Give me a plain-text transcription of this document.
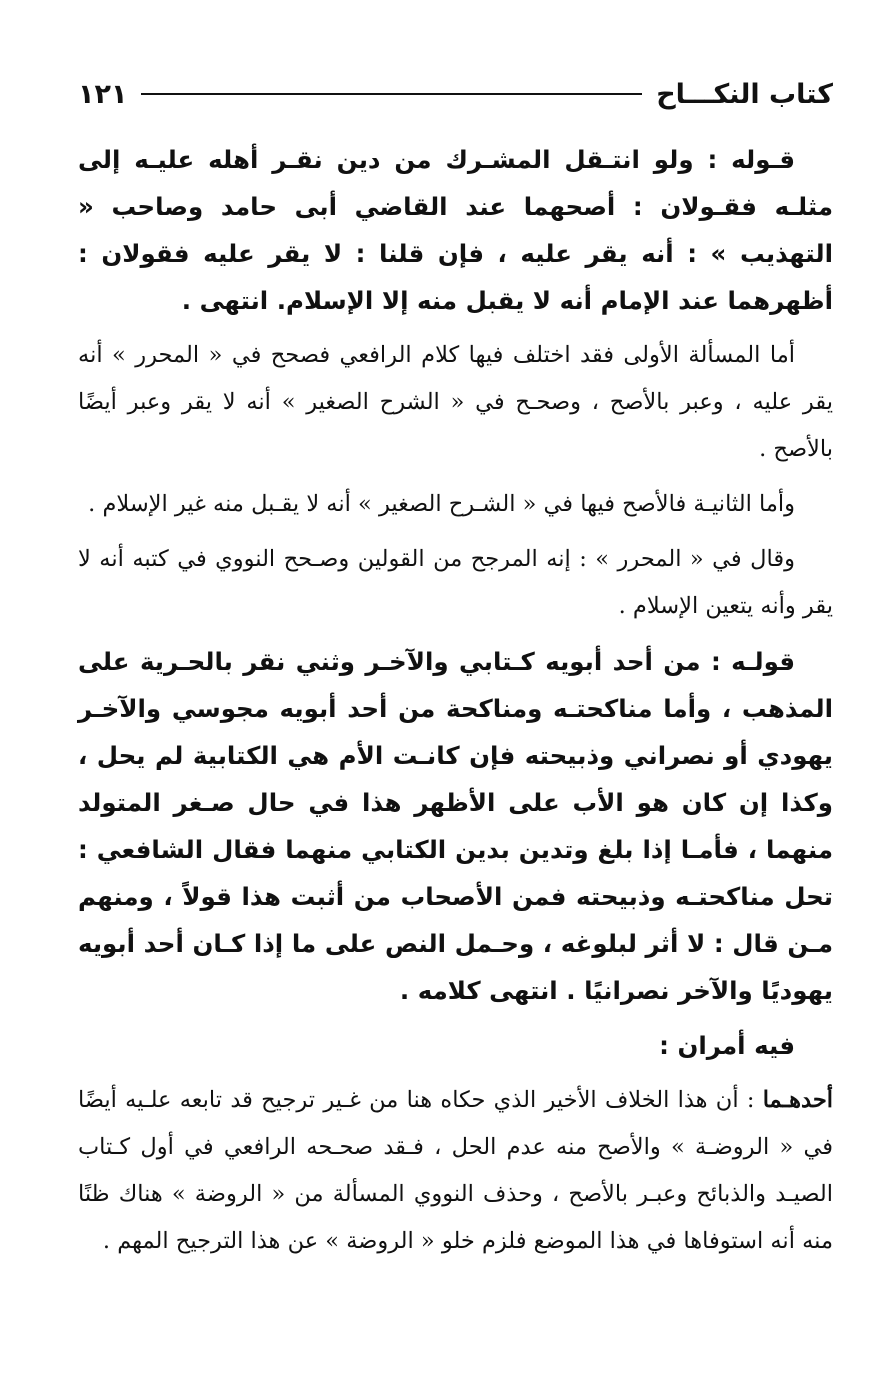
كتاب النكـــاح
١٢١

قـوله : ولو انتـقل المشـرك من دين نقـر أهله عليـه إلى مثلـه فقـولان : أصحهما عند القاضي أبى حامد وصاحب « التهذيب » : أنه يقر عليه ، فإن قلنا : لا يقر عليه فقولان : أظهرهما عند الإمام أنه لا يقبل منه إلا الإسلام. انتهى .

أما المسألة الأولى فقد اختلف فيها كلام الرافعي فصحح في « المحرر » أنه يقر عليه ، وعبر بالأصح ، وصحـح في « الشرح الصغير » أنه لا يقر وعبر أيضًا بالأصح .

وأما الثانيـة فالأصح فيها في « الشـرح الصغير » أنه لا يقـبل منه غير الإسلام .

وقال في « المحرر » : إنه المرجح من القولين وصـحح النووي في كتبه أنه لا يقر وأنه يتعين الإسلام .

قولـه : من أحد أبويه كـتابي والآخـر وثني نقر بالحـرية على المذهب ، وأما مناكحتـه ومناكحة من أحد أبويه مجوسي والآخـر يهودي أو نصراني وذبيحته فإن كانـت الأم هي الكتابية لم يحل ، وكذا إن كان هو الأب على الأظهر هذا في حال صـغر المتولد منهما ، فأمـا إذا بلغ وتدين بدين الكتابي منهما فقال الشافعي : تحل مناكحتـه وذبيحته فمن الأصحاب من أثبت هذا قولاً ، ومنهم مـن قال : لا أثر لبلوغه ، وحـمل النص على ما إذا كـان أحد أبويه يهوديًا والآخر نصرانيًا . انتهى كلامه .

فيه أمران :

أحدهـما : أن هذا الخلاف الأخير الذي حكاه هنا من غـير ترجيح قد تابعه علـيه أيضًا في « الروضـة » والأصح منه عدم الحل ، فـقد صحـحه الرافعي في أول كـتاب الصيـد والذبائح وعبـر بالأصح ، وحذف النووي المسألة من « الروضة » هناك ظنًا منه أنه استوفاها في هذا الموضع فلزم خلو « الروضة » عن هذا الترجيح المهم .
